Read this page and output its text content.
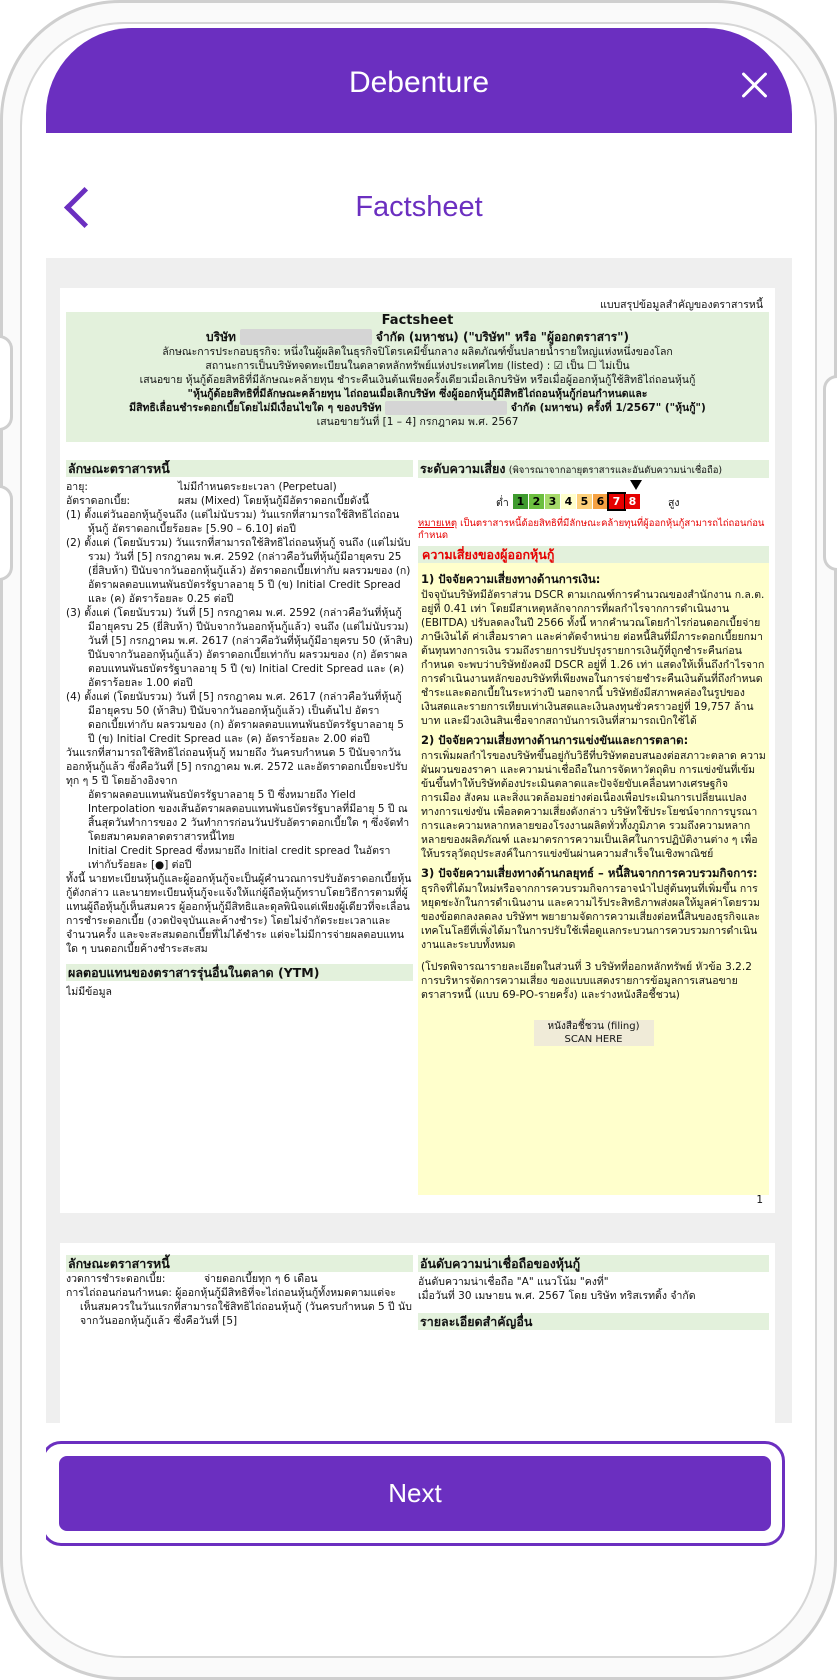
Debenture
Factsheet
แบบสรุปข้อมูลสำคัญของตราสารหนี้

Factsheet

บริษัท	จำกัด (มหาชน) ("บริษัท" หรือ "ผู้ออกตราสาร")

ลักษณะการประกอบธุรกิจ: หนึ่งในผู้ผลิตในธุรกิจปิโตรเคมีขั้นกลาง ผลิตภัณฑ์ขั้นปลายน้ำรายใหญ่แห่งหนึ่งของโลก

สถานะการเป็นบริษัทจดทะเบียนในตลาดหลักทรัพย์แห่งประเทศไทย (listed) : ☑ เป็น ☐ ไม่เป็น

เสนอขาย หุ้นกู้ด้อยสิทธิที่มีลักษณะคล้ายทุน ชำระคืนเงินต้นเพียงครั้งเดียวเมื่อเลิกบริษัท หรือเมื่อผู้ออกหุ้นกู้ใช้สิทธิไถ่ถอนหุ้นกู้

"หุ้นกู้ด้อยสิทธิที่มีลักษณะคล้ายทุน ไถ่ถอนเมื่อเลิกบริษัท ซึ่งผู้ออกหุ้นกู้มีสิทธิไถ่ถอนหุ้นกู้ก่อนกำหนดและ

มีสิทธิเลื่อนชำระดอกเบี้ยโดยไม่มีเงื่อนไขใด ๆ ของบริษัท	จำกัด (มหาชน) ครั้งที่ 1/2567" ("หุ้นกู้")

เสนอขายวันที่ [1 – 4] กรกฎาคม พ.ศ. 2567

ลักษณะตราสารหนี้
อายุ:	ไม่มีกำหนดระยะเวลา (Perpetual)
อัตราดอกเบี้ย:	ผสม (Mixed) โดยหุ้นกู้มีอัตราดอกเบี้ยดังนี้

(1) ตั้งแต่วันออกหุ้นกู้จนถึง (แต่ไม่นับรวม) วันแรกที่สามารถใช้สิทธิไถ่ถอนหุ้นกู้ อัตราดอกเบี้ยร้อยละ [5.90 – 6.10] ต่อปี

(2) ตั้งแต่ (โดยนับรวม) วันแรกที่สามารถใช้สิทธิไถ่ถอนหุ้นกู้ จนถึง (แต่ไม่นับรวม) วันที่ [5] กรกฎาคม พ.ศ. 2592 (กล่าวคือวันที่หุ้นกู้มีอายุครบ 25 (ยี่สิบห้า) ปีนับจากวันออกหุ้นกู้แล้ว) อัตราดอกเบี้ยเท่ากับ ผลรวมของ (ก) อัตราผลตอบแทนพันธบัตรรัฐบาลอายุ 5 ปี (ข) Initial Credit Spread และ (ค) อัตราร้อยละ 0.25 ต่อปี

(3) ตั้งแต่ (โดยนับรวม) วันที่ [5] กรกฎาคม พ.ศ. 2592 (กล่าวคือวันที่หุ้นกู้มีอายุครบ 25 (ยี่สิบห้า) ปีนับจากวันออกหุ้นกู้แล้ว) จนถึง (แต่ไม่นับรวม) วันที่ [5] กรกฎาคม พ.ศ. 2617 (กล่าวคือวันที่หุ้นกู้มีอายุครบ 50 (ห้าสิบ) ปีนับจากวันออกหุ้นกู้แล้ว) อัตราดอกเบี้ยเท่ากับ ผลรวมของ (ก) อัตราผลตอบแทนพันธบัตรรัฐบาลอายุ 5 ปี (ข) Initial Credit Spread และ (ค) อัตราร้อยละ 1.00 ต่อปี

(4) ตั้งแต่ (โดยนับรวม) วันที่ [5] กรกฎาคม พ.ศ. 2617 (กล่าวคือวันที่หุ้นกู้มีอายุครบ 50 (ห้าสิบ) ปีนับจากวันออกหุ้นกู้แล้ว) เป็นต้นไป อัตราดอกเบี้ยเท่ากับ ผลรวมของ (ก) อัตราผลตอบแทนพันธบัตรรัฐบาลอายุ 5 ปี (ข) Initial Credit Spread และ (ค) อัตราร้อยละ 2.00 ต่อปี

วันแรกที่สามารถใช้สิทธิไถ่ถอนหุ้นกู้ หมายถึง วันครบกำหนด 5 ปีนับจากวันออกหุ้นกู้แล้ว ซึ่งคือวันที่ [5] กรกฎาคม พ.ศ. 2572 และอัตราดอกเบี้ยจะปรับทุก ๆ 5 ปี โดยอ้างอิงจาก

อัตราผลตอบแทนพันธบัตรรัฐบาลอายุ 5 ปี ซึ่งหมายถึง Yield Interpolation ของเส้นอัตราผลตอบแทนพันธบัตรรัฐบาลที่มีอายุ 5 ปี ณ สิ้นสุดวันทำการของ 2 วันทำการก่อนวันปรับอัตราดอกเบี้ยใด ๆ ซึ่งจัดทำโดยสมาคมตลาดตราสารหนี้ไทย

Initial Credit Spread ซึ่งหมายถึง Initial credit spread ในอัตราเท่ากับร้อยละ [●] ต่อปี

ทั้งนี้ นายทะเบียนหุ้นกู้และผู้ออกหุ้นกู้จะเป็นผู้คำนวณการปรับอัตราดอกเบี้ยหุ้นกู้ดังกล่าว และนายทะเบียนหุ้นกู้จะแจ้งให้แก่ผู้ถือหุ้นกู้ทราบโดยวิธีการตามที่ผู้แทนผู้ถือหุ้นกู้เห็นสมควร ผู้ออกหุ้นกู้มีสิทธิและดุลพินิจแต่เพียงผู้เดียวที่จะเลื่อนการชำระดอกเบี้ย (งวดปัจจุบันและค้างชำระ) โดยไม่จำกัดระยะเวลาและจำนวนครั้ง และจะสะสมดอกเบี้ยที่ไม่ได้ชำระ แต่จะไม่มีการจ่ายผลตอบแทนใด ๆ บนดอกเบี้ยค้างชำระสะสม

ผลตอบแทนของตราสารรุ่นอื่นในตลาด (YTM)

ไม่มีข้อมูล

ระดับความเสี่ยง (พิจารณาจากอายุตราสารและอันดับความน่าเชื่อถือ)
ต่ำ 1 2 3 4 5 6 7 8	สูง

หมายเหตุ เป็นตราสารหนี้ด้อยสิทธิที่มีลักษณะคล้ายทุนที่ผู้ออกหุ้นกู้สามารถไถ่ถอนก่อนกำหนด

ความเสี่ยงของผู้ออกหุ้นกู้

1) ปัจจัยความเสี่ยงทางด้านการเงิน:

ปัจจุบันบริษัทมีอัตราส่วน DSCR ตามเกณฑ์การคำนวณของสำนักงาน ก.ล.ต. อยู่ที่ 0.41 เท่า โดยมีสาเหตุหลักจากการที่ผลกำไรจากการดำเนินงาน (EBITDA) ปรับลดลงในปี 2566 ทั้งนี้ หากคำนวณโดยกำไรก่อนดอกเบี้ยจ่าย ภาษีเงินได้ ค่าเสื่อมราคา และค่าตัดจำหน่าย ต่อหนี้สินที่มีภาระดอกเบี้ยยกมา ต้นทุนทางการเงิน รวมถึงรายการปรับปรุงรายการเงินกู้ที่ถูกชำระคืนก่อนกำหนด จะพบว่าบริษัทยังคงมี DSCR อยู่ที่ 1.26 เท่า แสดงให้เห็นถึงกำไรจากการดำเนินงานหลักของบริษัทที่เพียงพอในการจ่ายชำระคืนเงินต้นที่ถึงกำหนดชำระและดอกเบี้ยในระหว่างปี นอกจากนี้ บริษัทยังมีสภาพคล่องในรูปของเงินสดและรายการเทียบเท่าเงินสดและเงินลงทุนชั่วคราวอยู่ที่ 19,757 ล้านบาท และมีวงเงินสินเชื่อจากสถาบันการเงินที่สามารถเบิกใช้ได้

2) ปัจจัยความเสี่ยงทางด้านการแข่งขันและการตลาด:

การเพิ่มผลกำไรของบริษัทขึ้นอยู่กับวิธีที่บริษัทตอบสนองต่อสภาวะตลาด ความผันผวนของราคา และความน่าเชื่อถือในการจัดหาวัตถุดิบ การแข่งขันที่เข้มข้นขึ้นทำให้บริษัทต้องประเมินตลาดและปัจจัยขับเคลื่อนทางเศรษฐกิจ การเมือง สังคม และสิ่งแวดล้อมอย่างต่อเนื่องเพื่อประเมินการเปลี่ยนแปลงทางการแข่งขัน เพื่อลดความเสี่ยงดังกล่าว บริษัทใช้ประโยชน์จากการบูรณาการและความหลากหลายของโรงงานผลิตทั่วทั้งภูมิภาค รวมถึงความหลากหลายของผลิตภัณฑ์ และมาตรการความเป็นเลิศในการปฏิบัติงานต่าง ๆ เพื่อให้บรรลุวัตถุประสงค์ในการแข่งขันผ่านความสำเร็จในเชิงพาณิชย์

3) ปัจจัยความเสี่ยงทางด้านกลยุทธ์ – หนี้สินจากการควบรวมกิจการ:

ธุรกิจที่ได้มาใหม่หรือจากการควบรวมกิจการอาจนำไปสู่ต้นทุนที่เพิ่มขึ้น การหยุดชะงักในการดำเนินงาน และความไร้ประสิทธิภาพส่งผลให้มูลค่าโดยรวมของข้อตกลงลดลง บริษัทฯ พยายามจัดการความเสี่ยงต่อหนี้สินของธุรกิจและเทคโนโลยีที่เพิ่งได้มาในการปรับใช้เพื่อดูแลกระบวนการควบรวมการดำเนินงานและระบบทั้งหมด

(โปรดพิจารณารายละเอียดในส่วนที่ 3 บริษัทที่ออกหลักทรัพย์ หัวข้อ 3.2.2 การบริหารจัดการความเสี่ยง ของแบบแสดงรายการข้อมูลการเสนอขายตราสารหนี้ (แบบ 69-PO-รายครั้ง) และร่างหนังสือชี้ชวน)

หนังสือชี้ชวน (filing)
SCAN HERE
1
ลักษณะตราสารหนี้
งวดการชำระดอกเบี้ย:	จ่ายดอกเบี้ยทุก ๆ 6 เดือน
การไถ่ถอนก่อนกำหนด: ผู้ออกหุ้นกู้มีสิทธิที่จะไถ่ถอนหุ้นกู้ทั้งหมดตามแต่จะเห็นสมควรในวันแรกที่สามารถใช้สิทธิไถ่ถอนหุ้นกู้ (วันครบกำหนด 5 ปี นับจากวันออกหุ้นกู้แล้ว ซึ่งคือวันที่ [5]
อันดับความน่าเชื่อถือของหุ้นกู้

อันดับความน่าเชื่อถือ "A" แนวโน้ม "คงที่"

เมื่อวันที่ 30 เมษายน พ.ศ. 2567 โดย บริษัท ทริสเรทติ้ง จำกัด

รายละเอียดสำคัญอื่น
Next
